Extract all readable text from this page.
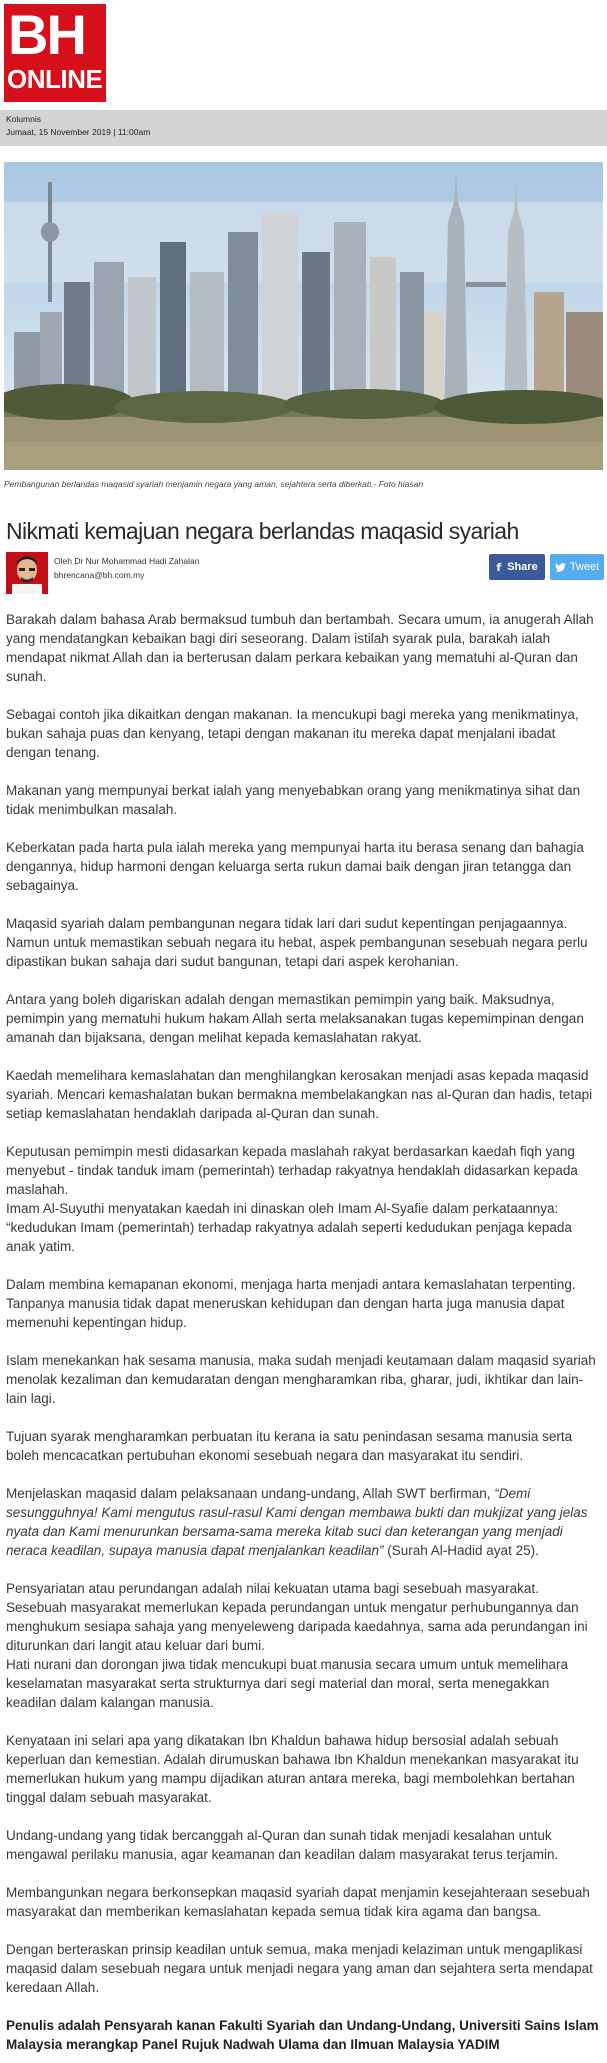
BH
ONLINE
Kolumnis
Jumaat, 15 November 2019 | 11:00am
Pembangunan berlandas maqasid syariah menjamin negara yang aman, sejahtera serta diberkati.- Foto hiasan
Nikmati kemajuan negara berlandas maqasid syariah
Oleh Dr Nur Mohammad Hadi Zahalan
bhrencana@bh.com.my
f Share	Tweet

Barakah dalam bahasa Arab bermaksud tumbuh dan bertambah. Secara umum, ia anugerah Allah yang mendatangkan kebaikan bagi diri seseorang. Dalam istilah syarak pula, barakah ialah mendapat nikmat Allah dan ia berterusan dalam perkara kebaikan yang mematuhi al-Quran dan sunah.

Sebagai contoh jika dikaitkan dengan makanan. Ia mencukupi bagi mereka yang menikmatinya, bukan sahaja puas dan kenyang, tetapi dengan makanan itu mereka dapat menjalani ibadat dengan tenang.

Makanan yang mempunyai berkat ialah yang menyebabkan orang yang menikmatinya sihat dan tidak menimbulkan masalah.

Keberkatan pada harta pula ialah mereka yang mempunyai harta itu berasa senang dan bahagia dengannya, hidup harmoni dengan keluarga serta rukun damai baik dengan jiran tetangga dan sebagainya.

Maqasid syariah dalam pembangunan negara tidak lari dari sudut kepentingan penjagaannya. Namun untuk memastikan sebuah negara itu hebat, aspek pembangunan sesebuah negara perlu dipastikan bukan sahaja dari sudut bangunan, tetapi dari aspek kerohanian.

Antara yang boleh digariskan adalah dengan memastikan pemimpin yang baik. Maksudnya, pemimpin yang mematuhi hukum hakam Allah serta melaksanakan tugas kepemimpinan dengan amanah dan bijaksana, dengan melihat kepada kemaslahatan rakyat.

Kaedah memelihara kemaslahatan dan menghilangkan kerosakan menjadi asas kepada maqasid syariah. Mencari kemashalatan bukan bermakna membelakangkan nas al-Quran dan hadis, tetapi setiap kemaslahatan hendaklah daripada al-Quran dan sunah.

Keputusan pemimpin mesti didasarkan kepada maslahah rakyat berdasarkan kaedah fiqh yang menyebut - tindak tanduk imam (pemerintah) terhadap rakyatnya hendaklah didasarkan kepada maslahah.

Imam Al-Suyuthi menyatakan kaedah ini dinaskan oleh Imam Al-Syafie dalam perkataannya: “kedudukan Imam (pemerintah) terhadap rakyatnya adalah seperti kedudukan penjaga kepada anak yatim.

Dalam membina kemapanan ekonomi, menjaga harta menjadi antara kemaslahatan terpenting. Tanpanya manusia tidak dapat meneruskan kehidupan dan dengan harta juga manusia dapat memenuhi kepentingan hidup.

Islam menekankan hak sesama manusia, maka sudah menjadi keutamaan dalam maqasid syariah menolak kezaliman dan kemudaratan dengan mengharamkan riba, gharar, judi, ikhtikar dan lain-lain lagi.

Tujuan syarak mengharamkan perbuatan itu kerana ia satu penindasan sesama manusia serta boleh mencacatkan pertubuhan ekonomi sesebuah negara dan masyarakat itu sendiri.

Menjelaskan maqasid dalam pelaksanaan undang-undang, Allah SWT berfirman, “Demi sesungguhnya! Kami mengutus rasul-rasul Kami dengan membawa bukti dan mukjizat yang jelas nyata dan Kami menurunkan bersama-sama mereka kitab suci dan keterangan yang menjadi neraca keadilan, supaya manusia dapat menjalankan keadilan” (Surah Al-Hadid ayat 25).

Pensyariatan atau perundangan adalah nilai kekuatan utama bagi sesebuah masyarakat. Sesebuah masyarakat memerlukan kepada perundangan untuk mengatur perhubungannya dan menghukum sesiapa sahaja yang menyeleweng daripada kaedahnya, sama ada perundangan ini diturunkan dari langit atau keluar dari bumi.

Hati nurani dan dorongan jiwa tidak mencukupi buat manusia secara umum untuk memelihara keselamatan masyarakat serta strukturnya dari segi material dan moral, serta menegakkan keadilan dalam kalangan manusia.

Kenyataan ini selari apa yang dikatakan Ibn Khaldun bahawa hidup bersosial adalah sebuah keperluan dan kemestian. Adalah dirumuskan bahawa Ibn Khaldun menekankan masyarakat itu memerlukan hukum yang mampu dijadikan aturan antara mereka, bagi membolehkan bertahan tinggal dalam sebuah masyarakat.

Undang-undang yang tidak bercanggah al-Quran dan sunah tidak menjadi kesalahan untuk mengawal perilaku manusia, agar keamanan dan keadilan dalam masyarakat terus terjamin.

Membangunkan negara berkonsepkan maqasid syariah dapat menjamin kesejahteraan sesebuah masyarakat dan memberikan kemaslahatan kepada semua tidak kira agama dan bangsa.

Dengan berteraskan prinsip keadilan untuk semua, maka menjadi kelaziman untuk mengaplikasi maqasid dalam sesebuah negara untuk menjadi negara yang aman dan sejahtera serta mendapat keredaan Allah.

Penulis adalah Pensyarah kanan Fakulti Syariah dan Undang-Undang, Universiti Sains Islam Malaysia merangkap Panel Rujuk Nadwah Ulama dan Ilmuan Malaysia YADIM
